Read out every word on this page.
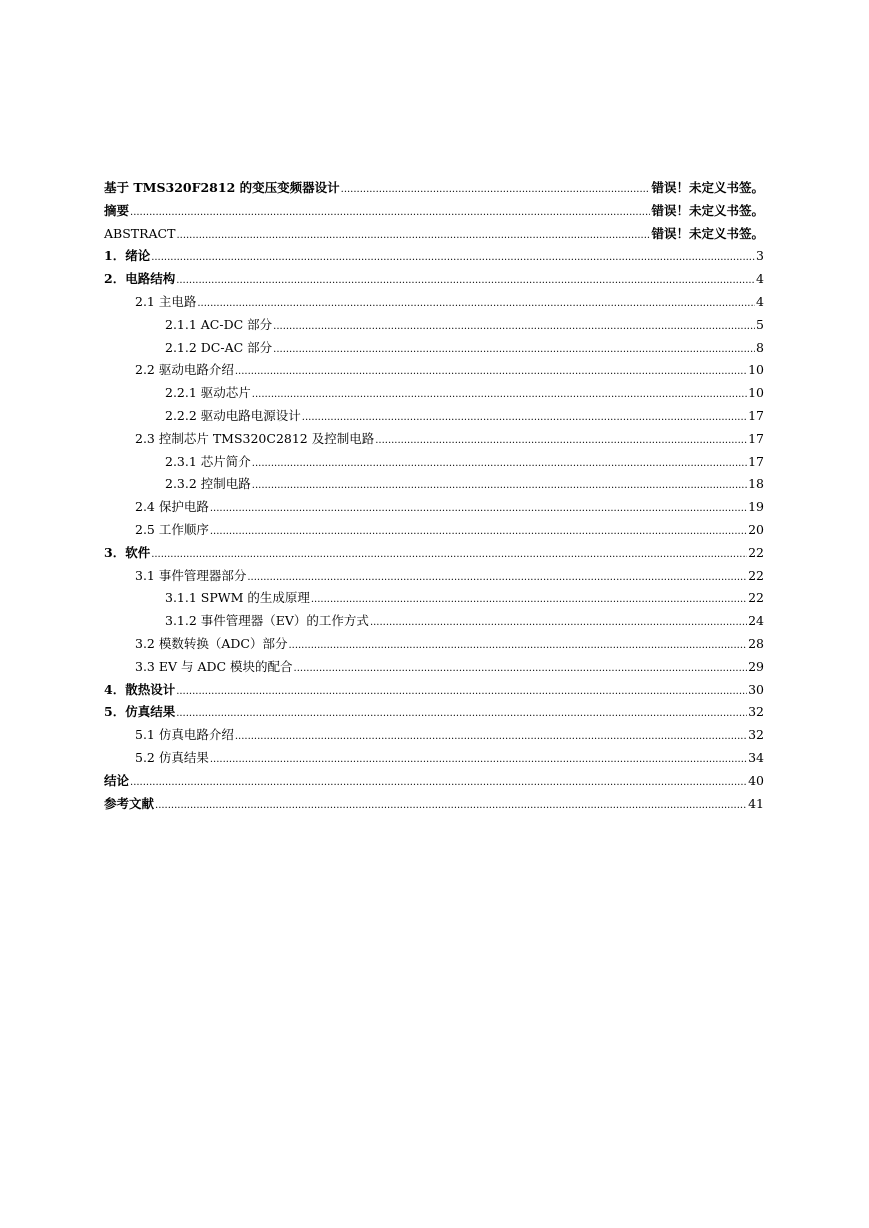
基于 TMS320F2812 的变压变频器设计 .....	错误！未定义书签。
摘要 .....	错误！未定义书签。
ABSTRACT .....	错误！未定义书签。
1．绪论 .....	3
2．电路结构 .....	4
2.1 主电路 .....	4
2.1.1 AC-DC 部分 .....	5
2.1.2 DC-AC 部分 .....	8
2.2 驱动电路介绍 .....	10
2.2.1 驱动芯片 .....	10
2.2.2 驱动电路电源设计 .....	17
2.3 控制芯片 TMS320C2812 及控制电路 .....	17
2.3.1 芯片简介 .....	17
2.3.2 控制电路 .....	18
2.4 保护电路 .....	19
2.5 工作顺序 .....	20
3．软件 .....	22
3.1 事件管理器部分 .....	22
3.1.1 SPWM 的生成原理 .....	22
3.1.2 事件管理器（EV）的工作方式 .....	24
3.2 模数转换（ADC）部分 .....	28
3.3 EV 与 ADC 模块的配合 .....	29
4．散热设计 .....	30
5．仿真结果 .....	32
5.1 仿真电路介绍 .....	32
5.2 仿真结果 .....	34
结论 .....	40
参考文献 .....	41
